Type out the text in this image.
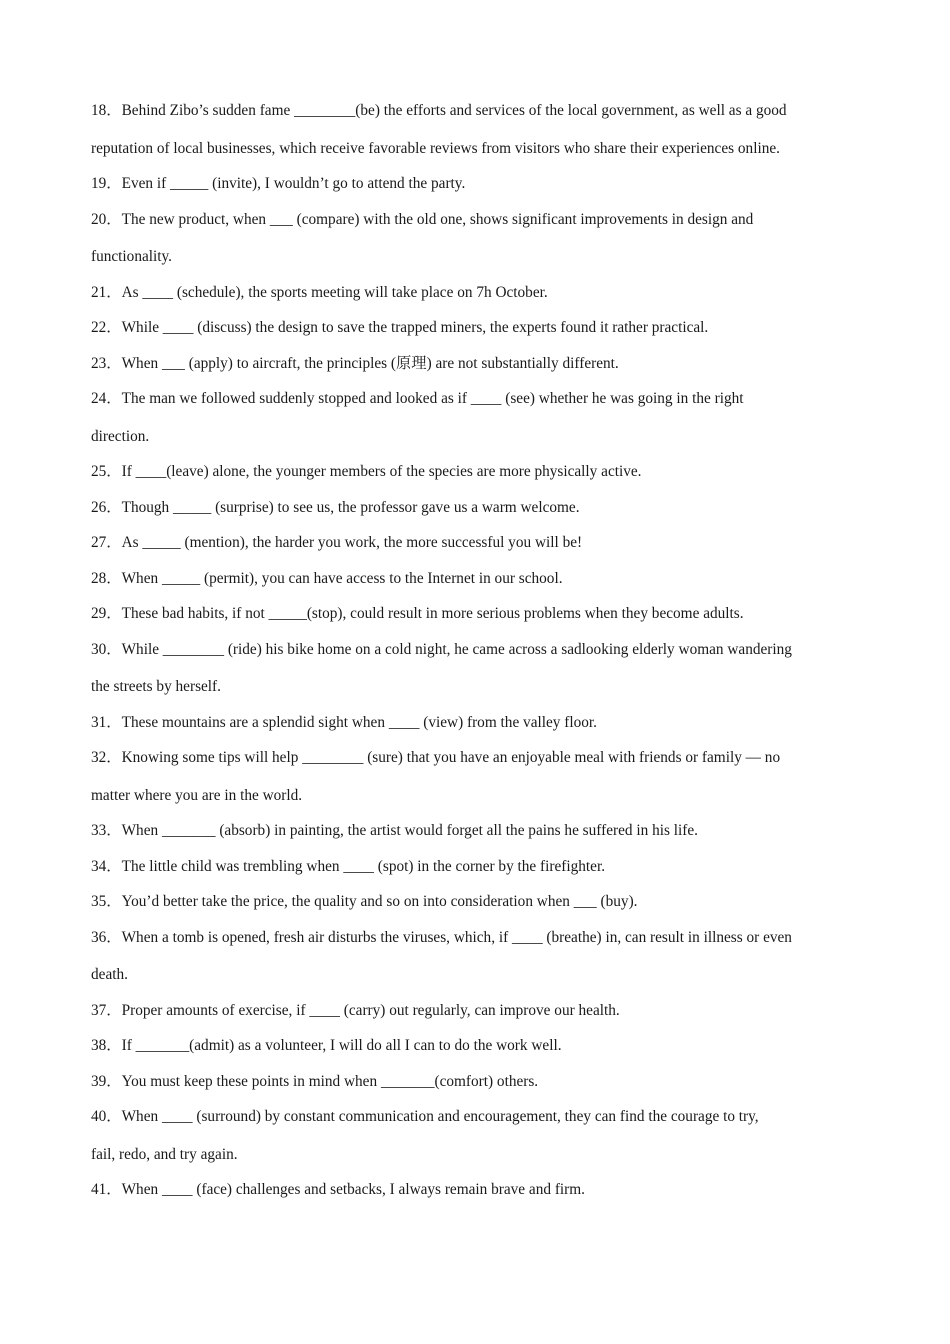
18．Behind Zibo’s sudden fame ________(be) the efforts and services of the local government, as well as a good
reputation of local businesses, which receive favorable reviews from visitors who share their experiences online.
19．Even if _____ (invite), I wouldn’t go to attend the party.
20．The new product, when ___ (compare) with the old one, shows significant improvements in design and
functionality.
21．As ____ (schedule), the sports meeting will take place on 7h October.
22．While ____ (discuss) the design to save the trapped miners, the experts found it rather practical.
23．When ___ (apply) to aircraft, the principles (原理) are not substantially different.
24．The man we followed suddenly stopped and looked as if ____ (see) whether he was going in the right
direction.
25．If ____(leave) alone, the younger members of the species are more physically active.
26．Though _____ (surprise) to see us, the professor gave us a warm welcome.
27．As _____ (mention), the harder you work, the more successful you will be!
28．When _____ (permit), you can have access to the Internet in our school.
29．These bad habits, if not _____(stop), could result in more serious problems when they become adults.
30．While ________ (ride) his bike home on a cold night, he came across a sadlooking elderly woman wandering
the streets by herself.
31．These mountains are a splendid sight when ____ (view) from the valley floor.
32．Knowing some tips will help ________ (sure) that you have an enjoyable meal with friends or family — no
matter where you are in the world.
33．When _______ (absorb) in painting, the artist would forget all the pains he suffered in his life.
34．The little child was trembling when ____ (spot) in the corner by the firefighter.
35．You’d better take the price, the quality and so on into consideration when ___ (buy).
36．When a tomb is opened, fresh air disturbs the viruses, which, if ____ (breathe) in, can result in illness or even
death.
37．Proper amounts of exercise, if ____ (carry) out regularly, can improve our health.
38．If _______(admit) as a volunteer, I will do all I can to do the work well.
39．You must keep these points in mind when _______(comfort) others.
40．When ____ (surround) by constant communication and encouragement, they can find the courage to try,
fail, redo, and try again.
41．When ____ (face) challenges and setbacks, I always remain brave and firm.
